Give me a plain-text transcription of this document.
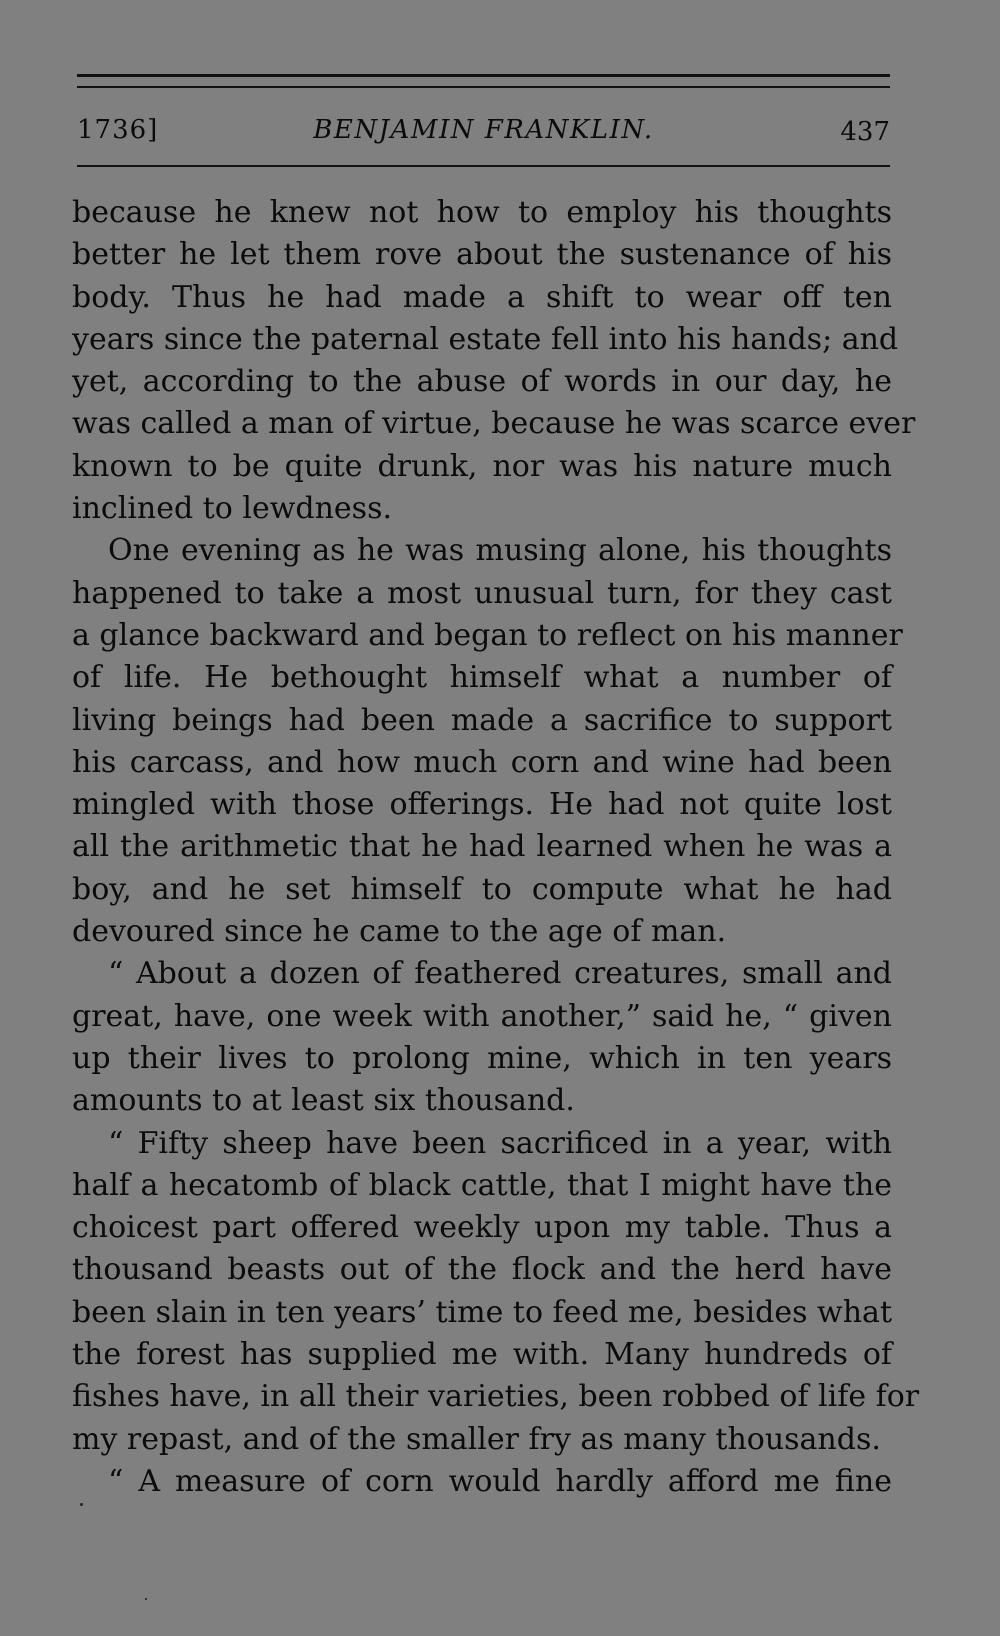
1736]	BENJAMIN FRANKLIN.	437
because he knew not how to employ his thoughts
better he let them rove about the sustenance of his
body. Thus he had made a shift to wear off ten
years since the paternal estate fell into his hands; and
yet, according to the abuse of words in our day, he
was called a man of virtue, because he was scarce ever
known to be quite drunk, nor was his nature much
inclined to lewdness.
One evening as he was musing alone, his thoughts
happened to take a most unusual turn, for they cast
a glance backward and began to reflect on his manner
of life. He bethought himself what a number of
living beings had been made a sacrifice to support
his carcass, and how much corn and wine had been
mingled with those offerings. He had not quite lost
all the arithmetic that he had learned when he was a
boy, and he set himself to compute what he had
devoured since he came to the age of man.
“ About a dozen of feathered creatures, small and
great, have, one week with another,” said he, “ given
up their lives to prolong mine, which in ten years
amounts to at least six thousand.
“ Fifty sheep have been sacrificed in a year, with
half a hecatomb of black cattle, that I might have the
choicest part offered weekly upon my table. Thus a
thousand beasts out of the flock and the herd have
been slain in ten years’ time to feed me, besides what
the forest has supplied me with. Many hundreds of
fishes have, in all their varieties, been robbed of life for
my repast, and of the smaller fry as many thousands.
“ A measure of corn would hardly afford me fine
